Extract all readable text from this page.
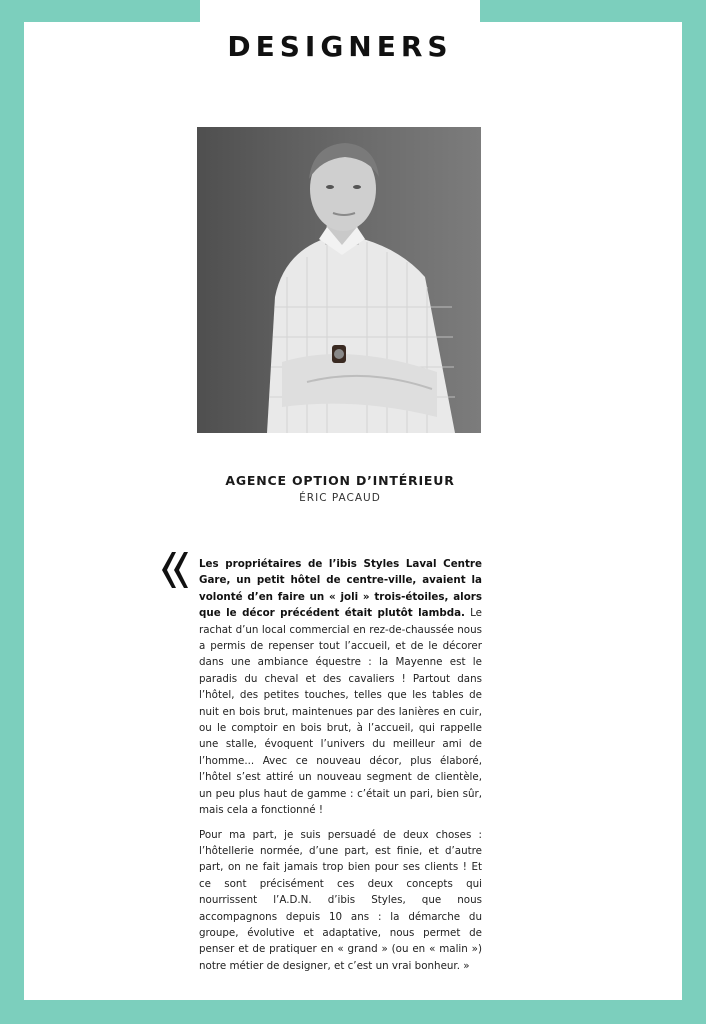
DESIGNERS
AGENCE OPTION D’INTÉRIEUR
ÉRIC PACAUD

Les propriétaires de l’ibis Styles Laval Centre Gare, un petit hôtel de centre-ville, avaient la volonté d’en faire un « joli » trois-étoiles, alors que le décor précédent était plutôt lambda. Le rachat d’un local commercial en rez-de-chaussée nous a permis de repenser tout l’accueil, et de le décorer dans une ambiance équestre : la Mayenne est le paradis du cheval et des cavaliers ! Partout dans l’hôtel, des petites touches, telles que les tables de nuit en bois brut, maintenues par des lanières en cuir, ou le comptoir en bois brut, à l’accueil, qui rappelle une stalle, évoquent l’univers du meilleur ami de l’homme... Avec ce nouveau décor, plus élaboré, l’hôtel s’est attiré un nouveau segment de clientèle, un peu plus haut de gamme : c’était un pari, bien sûr, mais cela a fonctionné !

Pour ma part, je suis persuadé de deux choses : l’hôtellerie normée, d’une part, est finie, et d’autre part, on ne fait jamais trop bien pour ses clients ! Et ce sont précisément ces deux concepts qui nourrissent l’A.D.N. d’ibis Styles, que nous accompagnons depuis 10 ans : la démarche du groupe, évolutive et adaptative, nous permet de penser et de pratiquer en « grand » (ou en « malin ») notre métier de designer, et c’est un vrai bonheur. »
